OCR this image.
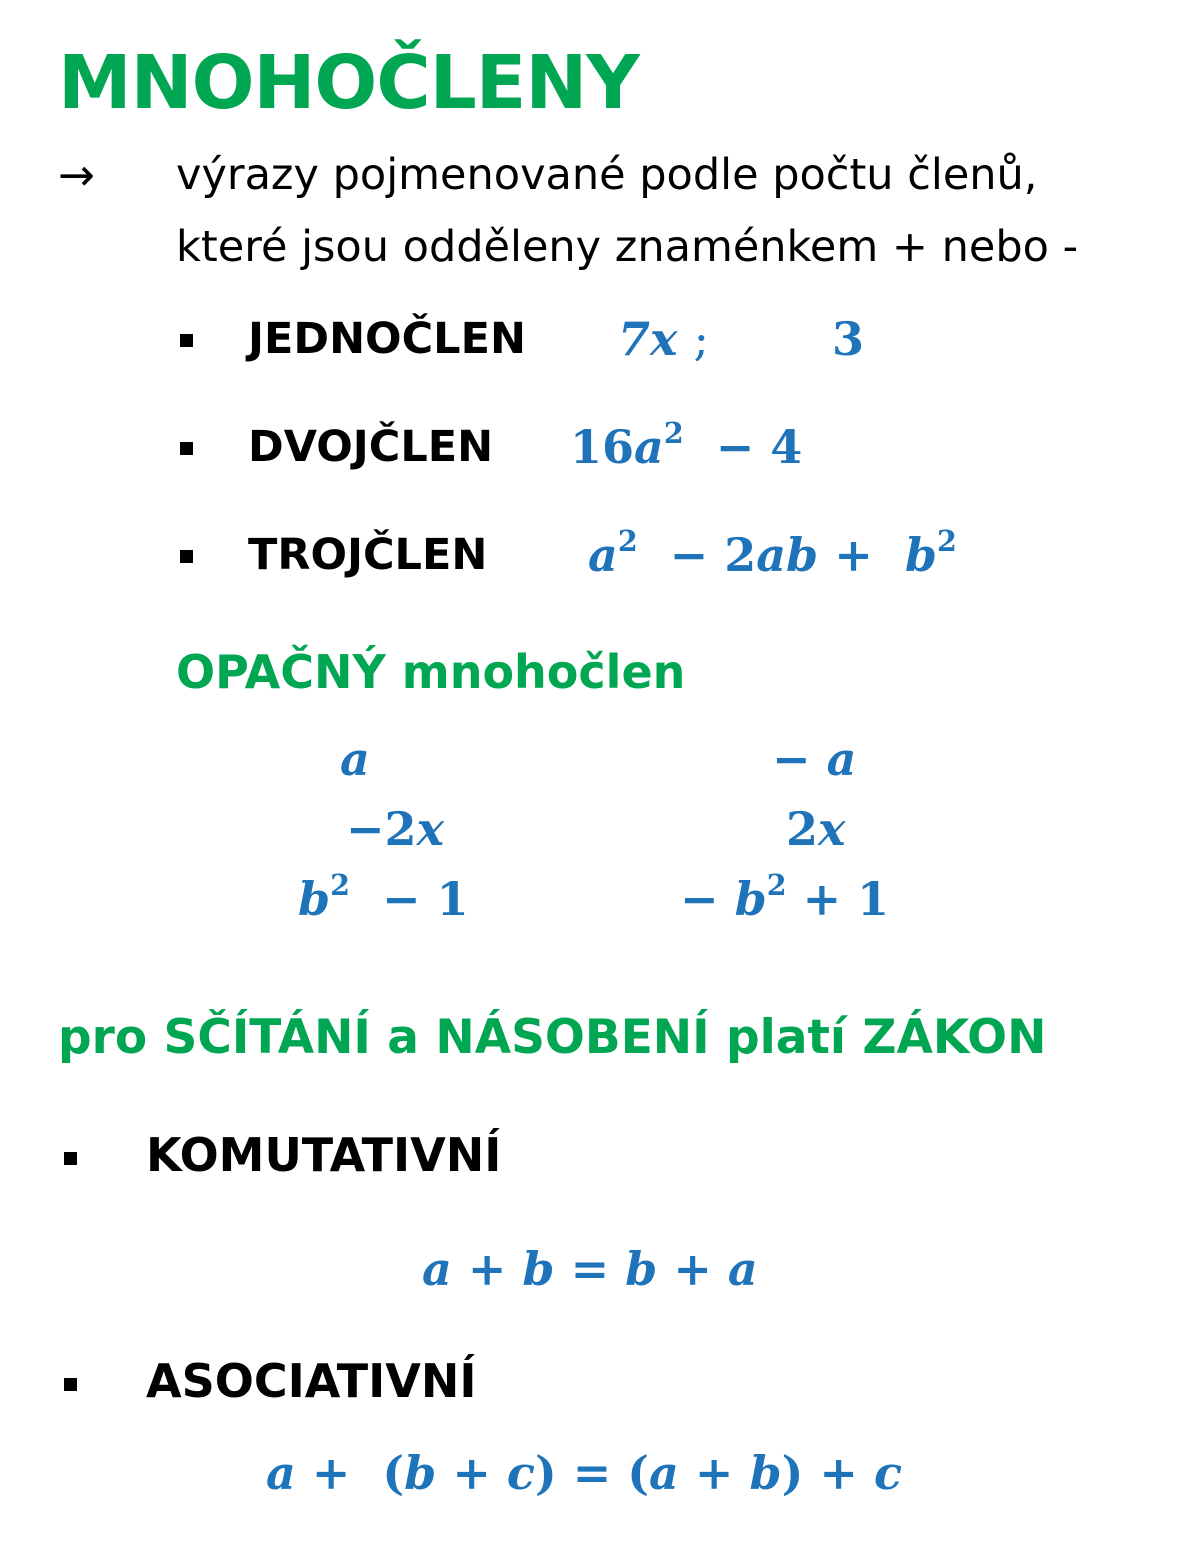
MNOHOČLENY
→ výrazy pojmenované podle počtu členů,
které jsou odděleny znaménkem + nebo -
JEDNOČLEN 7x ;	3
DVOJČLEN $16a^2 - 4$
TROJČLEN $a^2 - 2ab + b^2$
OPAČNÝ mnohočlen
a	− a
−2x	2x
$b^2 - 1$	− $b^2 + 1$
pro SČÍTÁNÍ a NÁSOBENÍ platí ZÁKON
KOMUTATIVNÍ
a + b = b + a
ASOCIATIVNÍ
a +  (b + c) = (a + b) + c
